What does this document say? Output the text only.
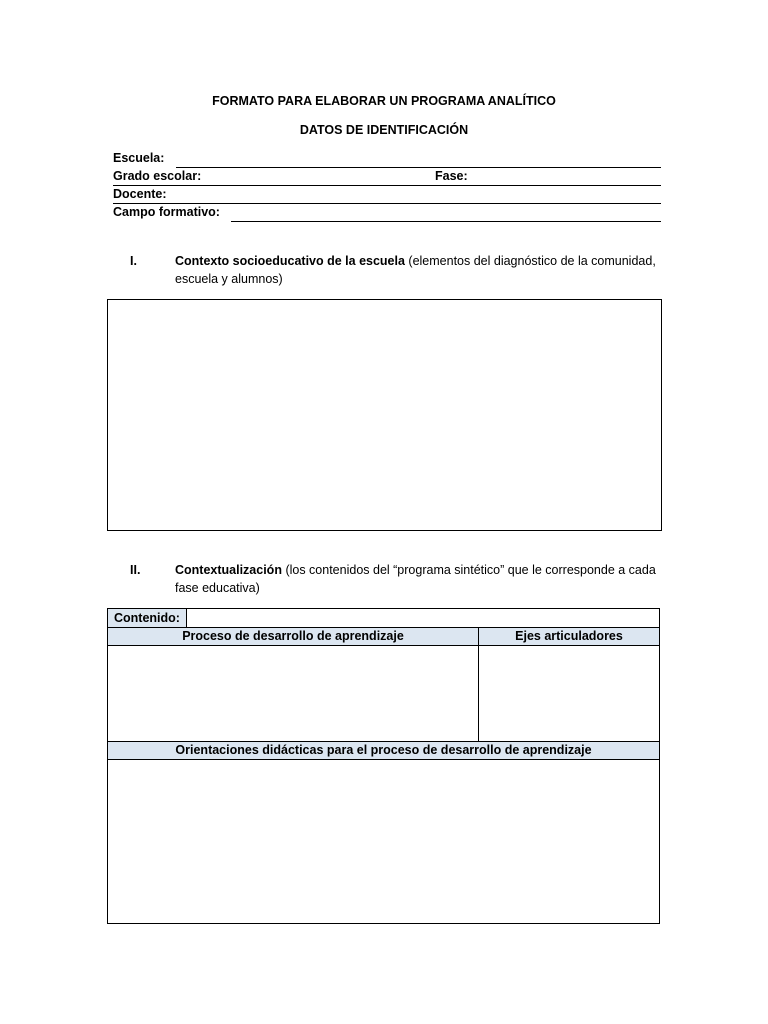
FORMATO PARA ELABORAR UN PROGRAMA ANALÍTICO
DATOS DE IDENTIFICACIÓN
Escuela:
Grado escolar:	Fase:
Docente:
Campo formativo:
I.	Contexto socioeducativo de la escuela (elementos del diagnóstico de la comunidad, escuela y alumnos)
II.	Contextualización (los contenidos del “programa sintético” que le corresponde a cada fase educativa)
Contenido:
Proceso de desarrollo de aprendizaje	Ejes articuladores
Orientaciones didácticas para el proceso de desarrollo de aprendizaje
